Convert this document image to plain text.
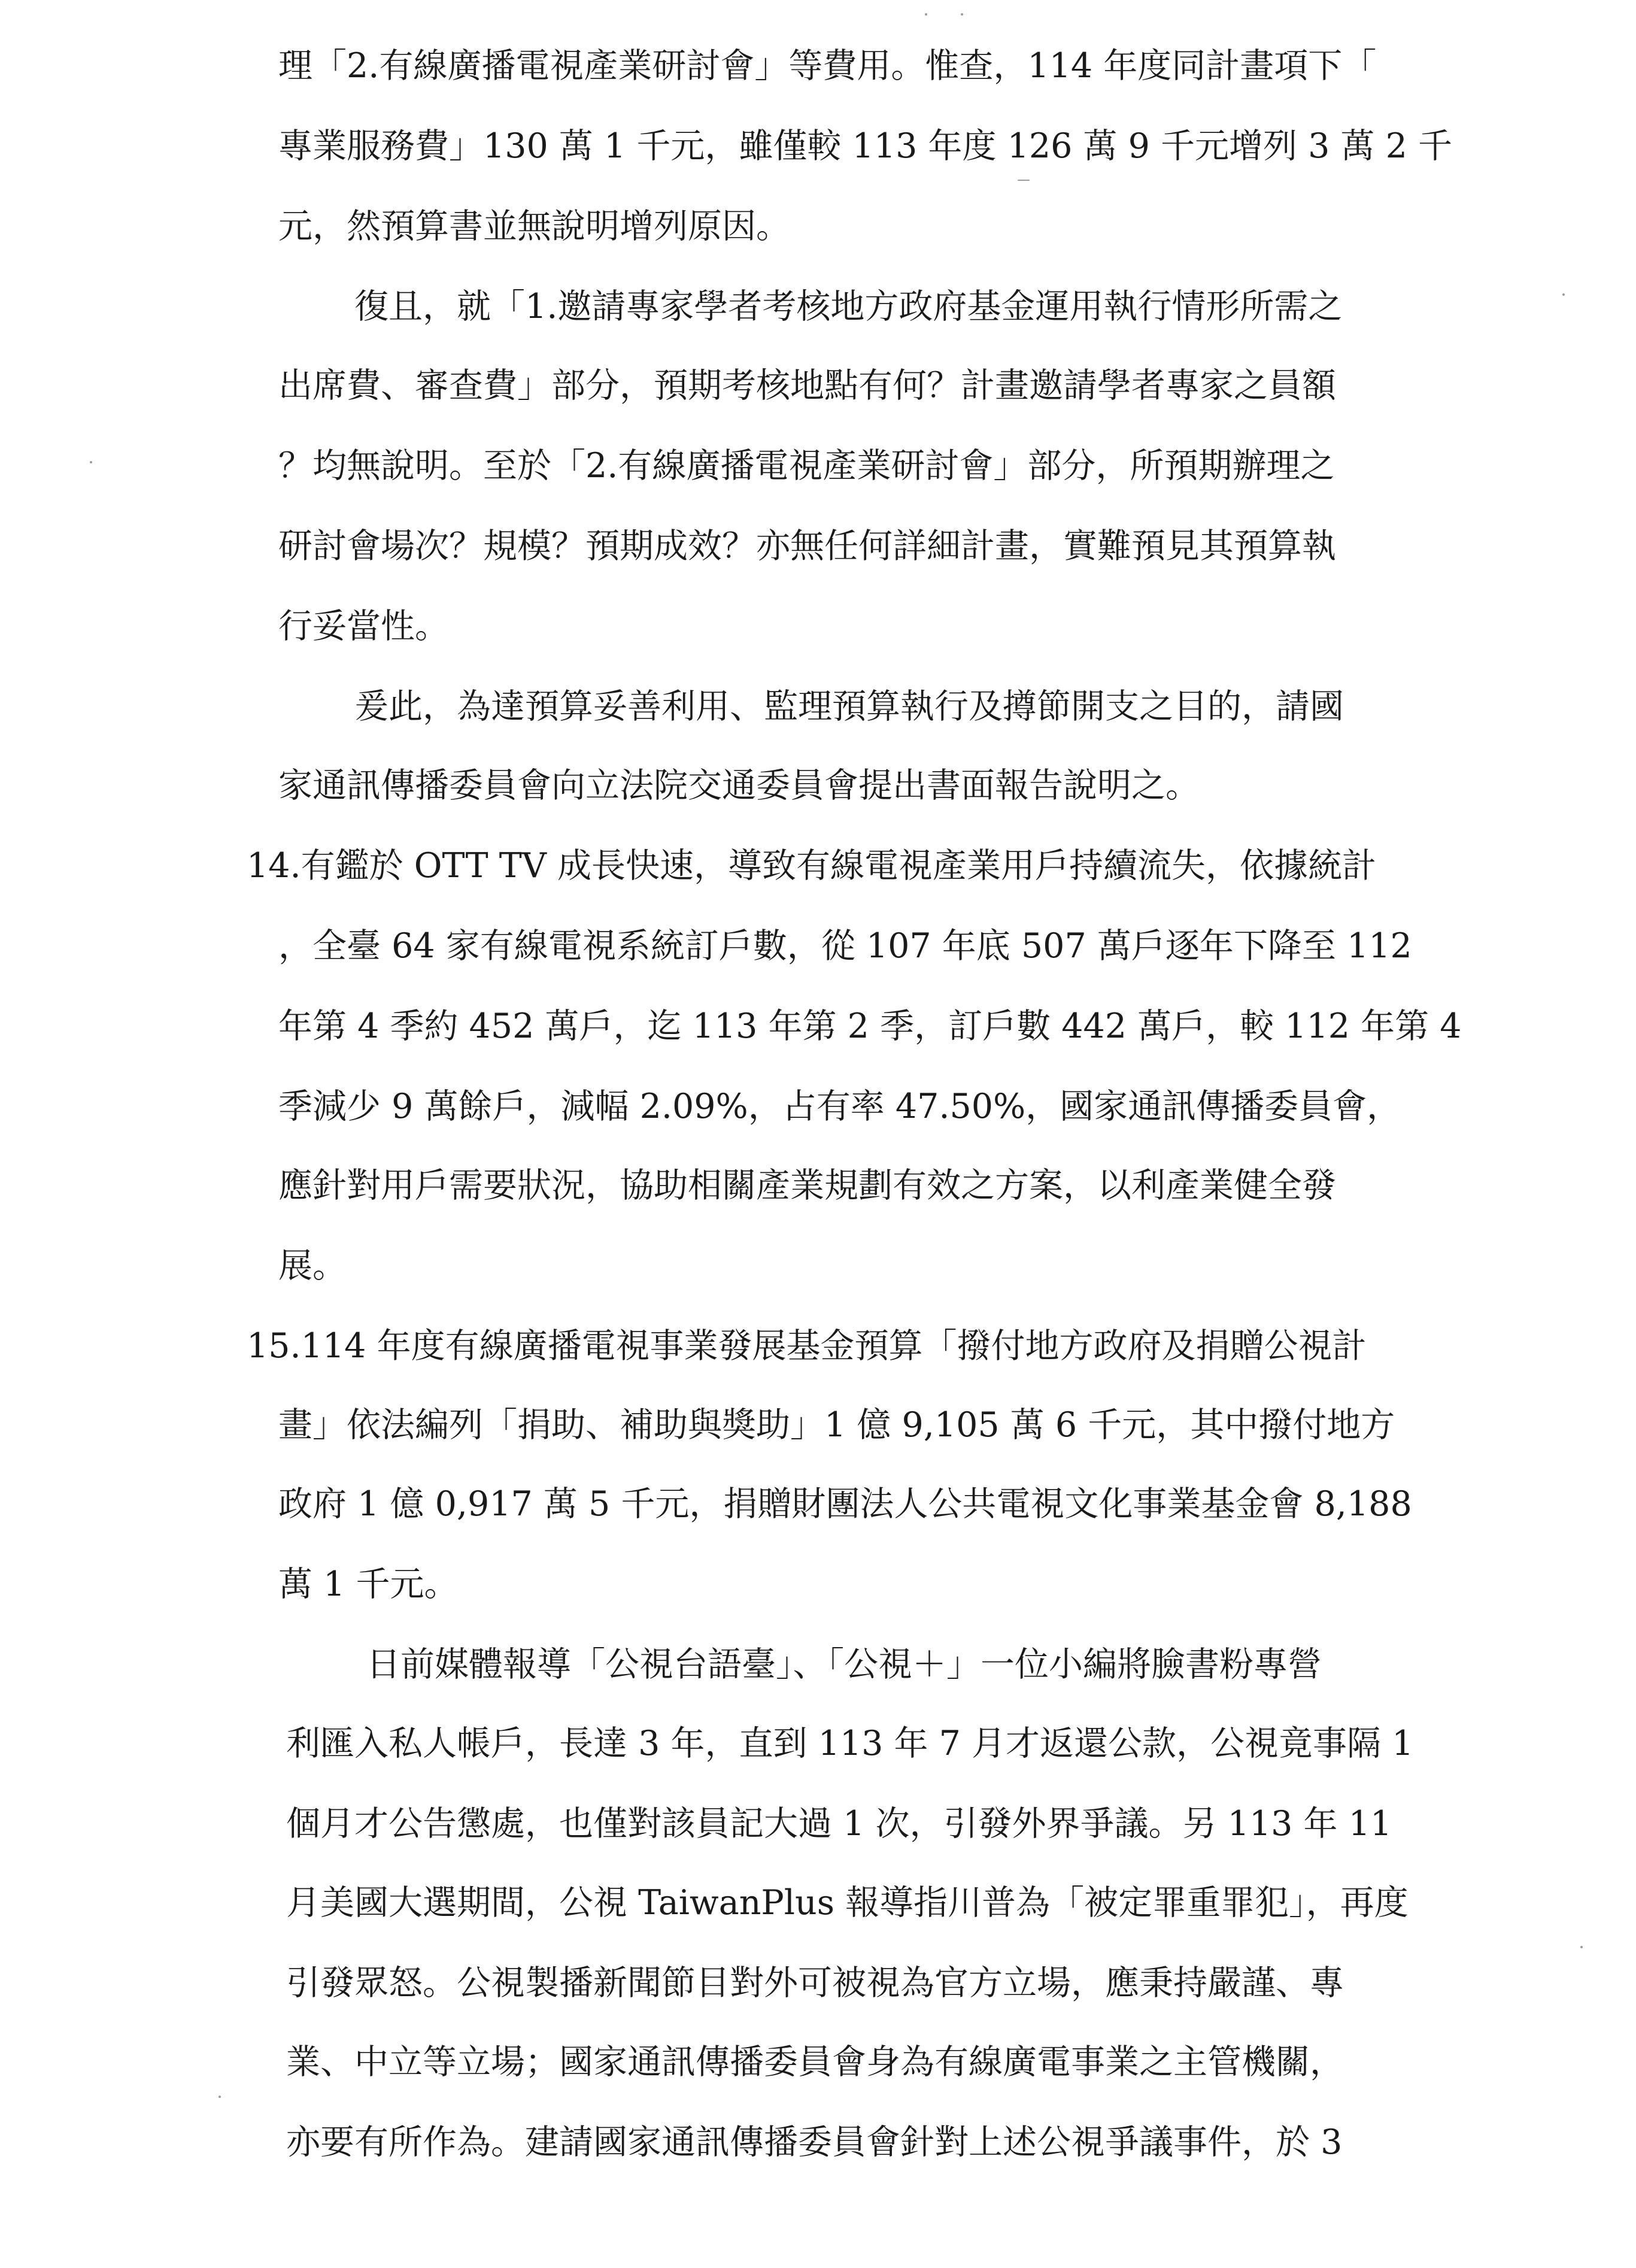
理「2.有線廣播電視產業研討會」等費用。惟查，114 年度同計畫項下「
專業服務費」130 萬 1 千元，雖僅較 113 年度 126 萬 9 千元增列 3 萬 2 千
元，然預算書並無說明增列原因。
復且，就「1.邀請專家學者考核地方政府基金運用執行情形所需之
出席費、審查費」部分，預期考核地點有何？計畫邀請學者專家之員額
？均無說明。至於「2.有線廣播電視產業研討會」部分，所預期辦理之
研討會場次？規模？預期成效？亦無任何詳細計畫，實難預見其預算執
行妥當性。
爰此，為達預算妥善利用、監理預算執行及撙節開支之目的，請國
家通訊傳播委員會向立法院交通委員會提出書面報告說明之。
14.有鑑於 OTT TV 成長快速，導致有線電視產業用戶持續流失，依據統計
，全臺 64 家有線電視系統訂戶數，從 107 年底 507 萬戶逐年下降至 112
年第 4 季約 452 萬戶，迄 113 年第 2 季，訂戶數 442 萬戶，較 112 年第 4
季減少 9 萬餘戶，減幅 2.09%，占有率 47.50%，國家通訊傳播委員會，
應針對用戶需要狀況，協助相關產業規劃有效之方案，以利產業健全發
展。
15.114 年度有線廣播電視事業發展基金預算「撥付地方政府及捐贈公視計
畫」依法編列「捐助、補助與獎助」1 億 9,105 萬 6 千元，其中撥付地方
政府 1 億 0,917 萬 5 千元，捐贈財團法人公共電視文化事業基金會 8,188
萬 1 千元。
日前媒體報導「公視台語臺」、「公視＋」一位小編將臉書粉專營
利匯入私人帳戶，長達 3 年，直到 113 年 7 月才返還公款，公視竟事隔 1
個月才公告懲處，也僅對該員記大過 1 次，引發外界爭議。另 113 年 11
月美國大選期間，公視 TaiwanPlus 報導指川普為「被定罪重罪犯」，再度
引發眾怒。公視製播新聞節目對外可被視為官方立場，應秉持嚴謹、專
業、中立等立場；國家通訊傳播委員會身為有線廣電事業之主管機關，
亦要有所作為。建請國家通訊傳播委員會針對上述公視爭議事件，於 3
